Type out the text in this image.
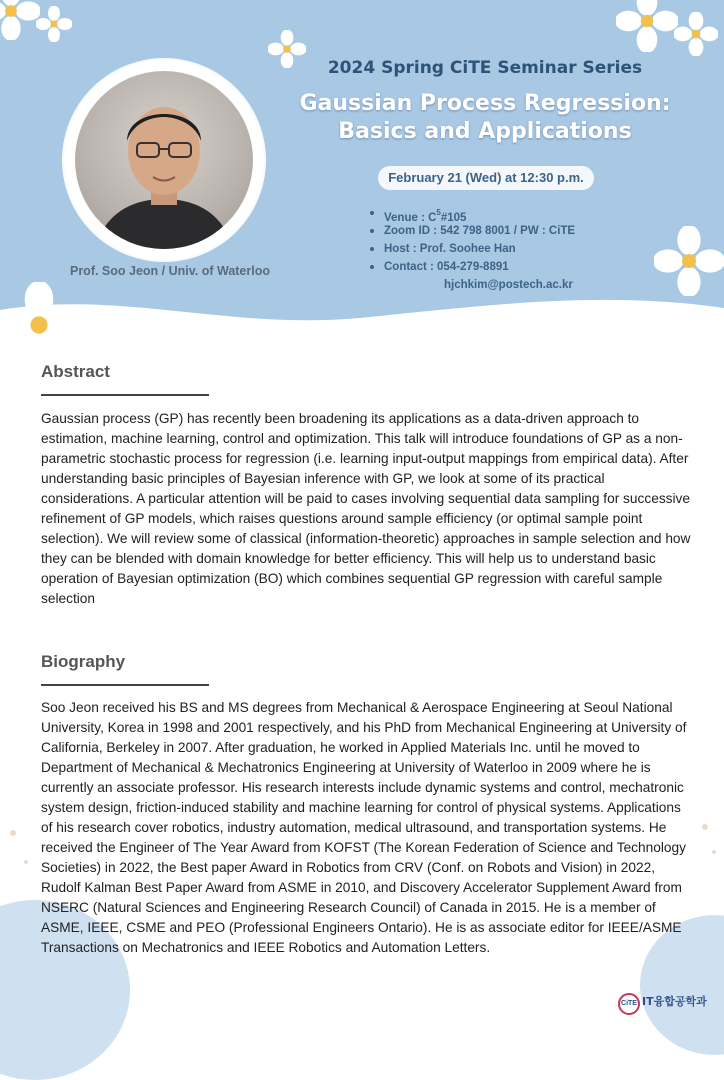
Prof. Soo Jeon / Univ. of Waterloo
2024 Spring CiTE Seminar Series
Gaussian Process Regression:
Basics and Applications
February 21 (Wed) at 12:30 p.m.
Venue : $C^5\#105$
Zoom ID : 542 798 8001 / PW : CiTE
Host : Prof. Soohee Han
Contact : 054-279-8891
hjchkim@postech.ac.kr
Abstract

Gaussian process (GP) has recently been broadening its applications as a data-driven approach to estimation, machine learning, control and optimization. This talk will introduce foundations of GP as a non-parametric stochastic process for regression (i.e. learning input-output mappings from empirical data). After understanding basic principles of Bayesian inference with GP, we look at some of its practical considerations. A particular attention will be paid to cases involving sequential data sampling for successive refinement of GP models, which raises questions around sample efficiency (or optimal sample point selection). We will review some of classical (information-theoretic) approaches in sample selection and how they can be blended with domain knowledge for better efficiency. This will help us to understand basic operation of Bayesian optimization (BO) which combines sequential GP regression with careful sample selection

Biography

Soo Jeon received his BS and MS degrees from Mechanical & Aerospace Engineering at Seoul National University, Korea in 1998 and 2001 respectively, and his PhD from Mechanical Engineering at University of California, Berkeley in 2007. After graduation, he worked in Applied Materials Inc. until he moved to Department of Mechanical & Mechatronics Engineering at University of Waterloo in 2009 where he is currently an associate professor. His research interests include dynamic systems and control, mechatronic system design, friction-induced stability and machine learning for control of physical systems. Applications of his research cover robotics, industry automation, medical ultrasound, and transportation systems. He received the Engineer of The Year Award from KOFST (The Korean Federation of Science and Technology Societies) in 2022, the Best paper Award in Robotics from CRV (Conf. on Robots and Vision) in 2022, Rudolf Kalman Best Paper Award from ASME in 2010, and Discovery Accelerator Supplement Award from NSERC (Natural Sciences and Engineering Research Council) of Canada in 2015. He is a member of ASME, IEEE, CSME and PEO (Professional Engineers Ontario). He is as associate editor for IEEE/ASME Transactions on Mechatronics and IEEE Robotics and Automation Letters.

CiTE IT융합공학과
